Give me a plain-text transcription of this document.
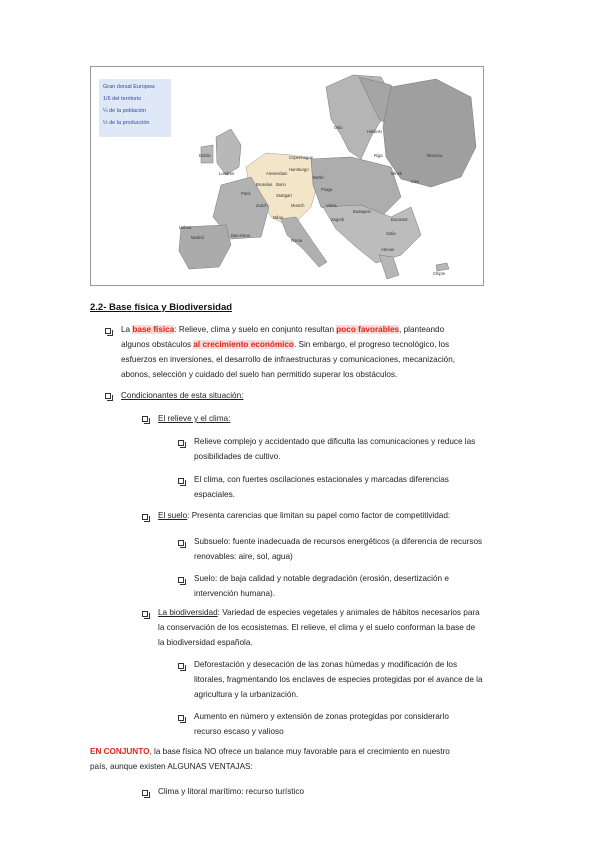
Helsinki
Oslo
Riga
Copenhague	Moscow
Minsk
Dublin
Londres
Hamburgo
Berlin
Amsterdam
Bruselas
Paris
Bonn
Stuttgart
Praga
Kiev
Zurich	Munich
Milan
Viena
Budapest
Zagreb
Lisboa
Madrid	Barcelona
Roma
Bucarest
Sofia
Atenas
Chipre
Gran dorsal Europea:
1/6 del territorio
¼ de la población
½ de la producción
2.2- Base física y Biodiversidad
La base física: Relieve, clima y suelo en conjunto resultan poco favorables, planteando
algunos obstáculos al crecimiento económico. Sin embargo, el progreso tecnológico, los
esfuerzos en inversiones, el desarrollo de infraestructuras y comunicaciones, mecanización,
abonos, selección y cuidado del suelo han permitido superar los obstáculos.
Condicionantes de esta situación:
El relieve y el clima:
Relieve complejo y accidentado que dificulta las comunicaciones y reduce las
posibilidades de cultivo.
El clima, con fuertes oscilaciones estacionales y marcadas diferencias
espaciales.
El suelo: Presenta carencias que limitan su papel como factor de competitividad:
Subsuelo: fuente inadecuada de recursos energéticos (a diferencia de recursos
renovables: aire, sol, agua)
Suelo: de baja calidad y notable degradación (erosión, desertización e
intervención humana).
La biodiversidad: Variedad de especies vegetales y animales de hábitos necesarios para
la conservación de los ecosistemas. El relieve, el clima y el suelo conforman la base de
la biodiversidad española.
Deforestación y desecación de las zonas húmedas y modificación de los
litorales, fragmentando los enclaves de especies protegidas por el avance de la
agricultura y la urbanización.
Aumento en número y extensión de zonas protegidas por considerarlo
recurso escaso y valioso
EN CONJUNTO, la base física NO ofrece un balance muy favorable para el crecimiento en nuestro
país, aunque existen ALGUNAS VENTAJAS:
Clima y litoral marítimo: recurso turístico
